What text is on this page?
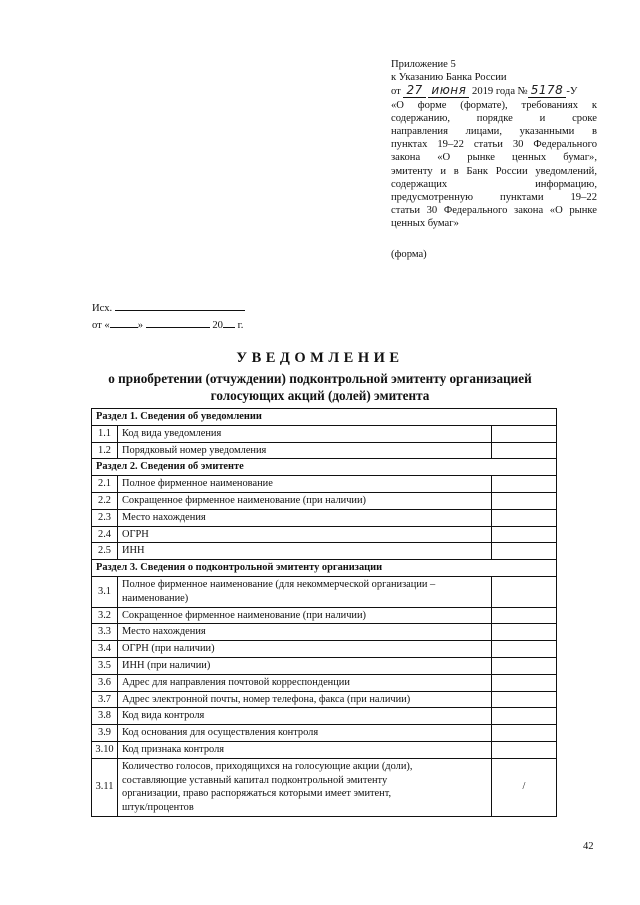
Приложение 5
к Указанию Банка России
от 27 июня 2019 года № 5178 -У
«О форме (формате), требованиях к
содержанию, порядке и сроке
направления лицами, указанными в
пунктах 19–22 статьи 30 Федерального
закона «О рынке ценных бумаг»,
эмитенту и в Банк России уведомлений,
содержащих информацию,
предусмотренную пунктами 19–22
статьи 30 Федерального закона «О рынке
ценных бумаг»
(форма)
Исх.
от «	»	20 г.
УВЕДОМЛЕНИЕ
о приобретении (отчуждении) подконтрольной эмитенту организацией
голосующих акций (долей) эмитента
Раздел 1. Сведения об уведомлении		
1.1	Код вида уведомления	
1.2	Порядковый номер уведомления	
Раздел 2. Сведения об эмитенте		
2.1	Полное фирменное наименование	
2.2	Сокращенное фирменное наименование (при наличии)	
2.3	Место нахождения	
2.4	ОГРН	
2.5	ИНН	
Раздел 3. Сведения о подконтрольной эмитенту организации		
3.1	Полное фирменное наименование (для некоммерческой организации –
наименование)	

3.2	Сокращенное фирменное наименование (при наличии)	
3.3	Место нахождения	
3.4	ОГРН (при наличии)	
3.5	ИНН (при наличии)	
3.6	Адрес для направления почтовой корреспонденции	
3.7	Адрес электронной почты, номер телефона, факса (при наличии)	
3.8	Код вида контроля	
3.9	Код основания для осуществления контроля	
3.10	Код признака контроля	
3.11	Количество голосов, приходящихся на голосующие акции (доли),
составляющие уставный капитал подконтрольной эмитенту
организации, право распоряжаться которыми имеет эмитент,
штук/процентов	/
42
